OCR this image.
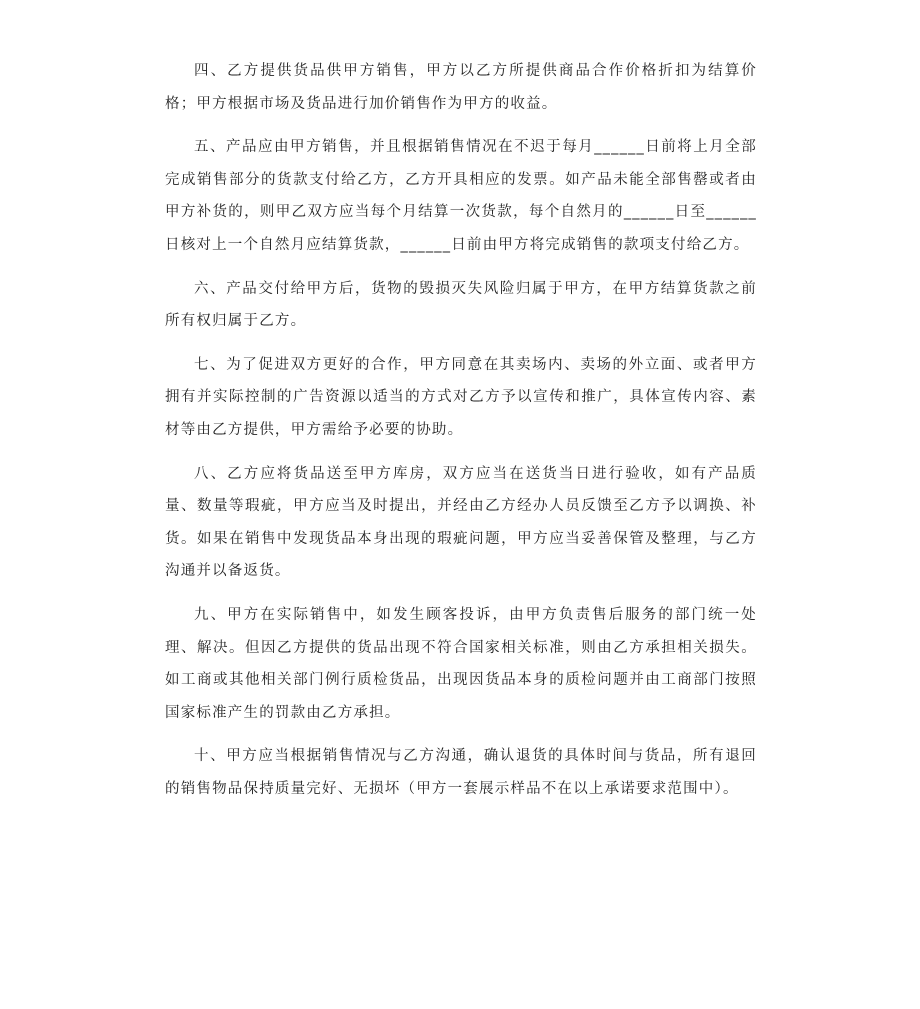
四、乙方提供货品供甲方销售，甲方以乙方所提供商品合作价格折扣为结算价格；甲方根据市场及货品进行加价销售作为甲方的收益。

五、产品应由甲方销售，并且根据销售情况在不迟于每月______日前将上月全部完成销售部分的货款支付给乙方，乙方开具相应的发票。如产品未能全部售罄或者由甲方补货的，则甲乙双方应当每个月结算一次货款，每个自然月的______日至______日核对上一个自然月应结算货款，______日前由甲方将完成销售的款项支付给乙方。

六、产品交付给甲方后，货物的毁损灭失风险归属于甲方，在甲方结算货款之前所有权归属于乙方。

七、为了促进双方更好的合作，甲方同意在其卖场内、卖场的外立面、或者甲方拥有并实际控制的广告资源以适当的方式对乙方予以宣传和推广，具体宣传内容、素材等由乙方提供，甲方需给予必要的协助。

八、乙方应将货品送至甲方库房，双方应当在送货当日进行验收，如有产品质量、数量等瑕疵，甲方应当及时提出，并经由乙方经办人员反馈至乙方予以调换、补货。如果在销售中发现货品本身出现的瑕疵问题，甲方应当妥善保管及整理，与乙方沟通并以备返货。

九、甲方在实际销售中，如发生顾客投诉，由甲方负责售后服务的部门统一处理、解决。但因乙方提供的货品出现不符合国家相关标准，则由乙方承担相关损失。如工商或其他相关部门例行质检货品，出现因货品本身的质检问题并由工商部门按照国家标准产生的罚款由乙方承担。

十、甲方应当根据销售情况与乙方沟通，确认退货的具体时间与货品，所有退回的销售物品保持质量完好、无损坏（甲方一套展示样品不在以上承诺要求范围中）。
